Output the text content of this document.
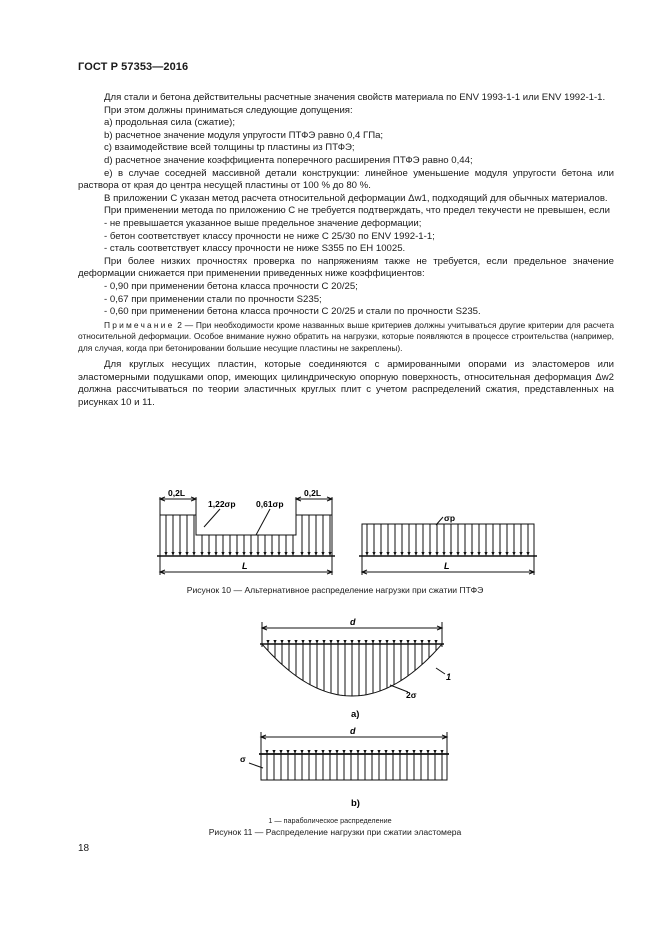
ГОСТ Р 57353—2016

Для стали и бетона действительны расчетные значения свойств материала по ENV 1993-1-1 или ENV 1992-1-1.

При этом должны приниматься следующие допущения:

a) продольная сила (сжатие);

b) расчетное значение модуля упругости ПТФЭ равно 0,4 ГПа;

c) взаимодействие всей толщины tp пластины из ПТФЭ;

d) расчетное значение коэффициента поперечного расширения ПТФЭ равно 0,44;

e) в случае соседней массивной детали конструкции: линейное уменьшение модуля упругости бетона или раствора от края до центра несущей пластины от 100 % до 80 %.

В приложении С указан метод расчета относительной деформации Δw1, подходящий для обычных материалов.

При применении метода по приложению С не требуется подтверждать, что предел текучести не превышен, если

- не превышается указанное выше предельное значение деформации;

- бетон соответствует классу прочности не ниже С 25/30 по ENV 1992-1-1;

- сталь соответствует классу прочности не ниже S355 по ЕН 10025.

При более низких прочностях проверка по напряжениям также не требуется, если предельное значение деформации снижается при применении приведенных ниже коэффициентов:

- 0,90 при применении бетона класса прочности С 20/25;

- 0,67 при применении стали по прочности S235;

- 0,60 при применении бетона класса прочности С 20/25 и стали по прочности S235.

Примечание 2 — При необходимости кроме названных выше критериев должны учитываться другие критерии для расчета относительной деформации. Особое внимание нужно обратить на нагрузки, которые появляются в процессе строительства (например, для случая, когда при бетонировании большие несущие пластины не закреплены).

Для круглых несущих пластин, которые соединяются с армированными опорами из эластомеров или эластомерными подушками опор, имеющих цилиндрическую опорную поверхность, относительная деформация Δw2 должна рассчитываться по теории эластичных круглых плит с учетом распределений сжатия, представленных на рисунках 10 и 11.

0,2L
1,22σp 0,61σp
0,2L
L
σp
L
Рисунок 10 — Альтернативное распределение нагрузки при сжатии ПТФЭ
d
1
2σ
а)
d
σ
b)
1 — параболическое распределение
Рисунок 11 — Распределение нагрузки при сжатии эластомера
18
